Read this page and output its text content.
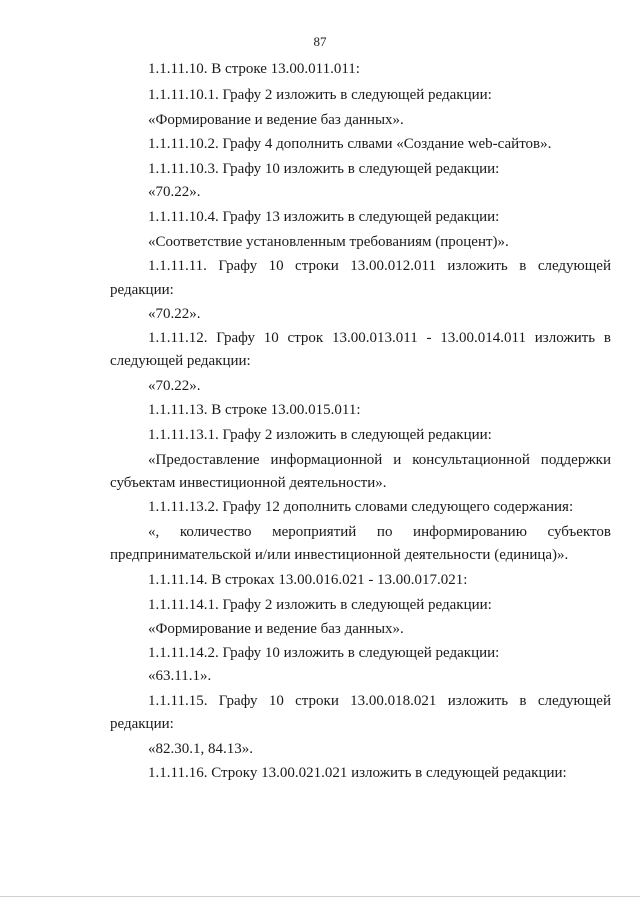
87
1.1.11.10. В строке 13.00.011.011:
1.1.11.10.1. Графу 2 изложить в следующей редакции:
«Формирование и ведение баз данных».
1.1.11.10.2. Графу 4 дополнить слвами «Создание web-сайтов».
1.1.11.10.3. Графу 10 изложить в следующей редакции:
«70.22».
1.1.11.10.4. Графу 13 изложить в следующей редакции:
«Соответствие установленным требованиям (процент)».
1.1.11.11. Графу 10 строки 13.00.012.011 изложить в следующей
редакции:
«70.22».
1.1.11.12. Графу 10 строк 13.00.013.011 - 13.00.014.011 изложить в
следующей редакции:
«70.22».
1.1.11.13. В строке 13.00.015.011:
1.1.11.13.1. Графу 2 изложить в следующей редакции:
«Предоставление информационной и консультационной поддержки
субъектам инвестиционной деятельности».
1.1.11.13.2. Графу 12 дополнить словами следующего содержания:
«, количество мероприятий по информированию субъектов
предпринимательской и/или инвестиционной деятельности (единица)».
1.1.11.14. В строках 13.00.016.021 - 13.00.017.021:
1.1.11.14.1. Графу 2 изложить в следующей редакции:
«Формирование и ведение баз данных».
1.1.11.14.2. Графу 10 изложить в следующей редакции:
«63.11.1».
1.1.11.15. Графу 10 строки 13.00.018.021 изложить в следующей
редакции:
«82.30.1, 84.13».
1.1.11.16. Строку 13.00.021.021 изложить в следующей редакции:
